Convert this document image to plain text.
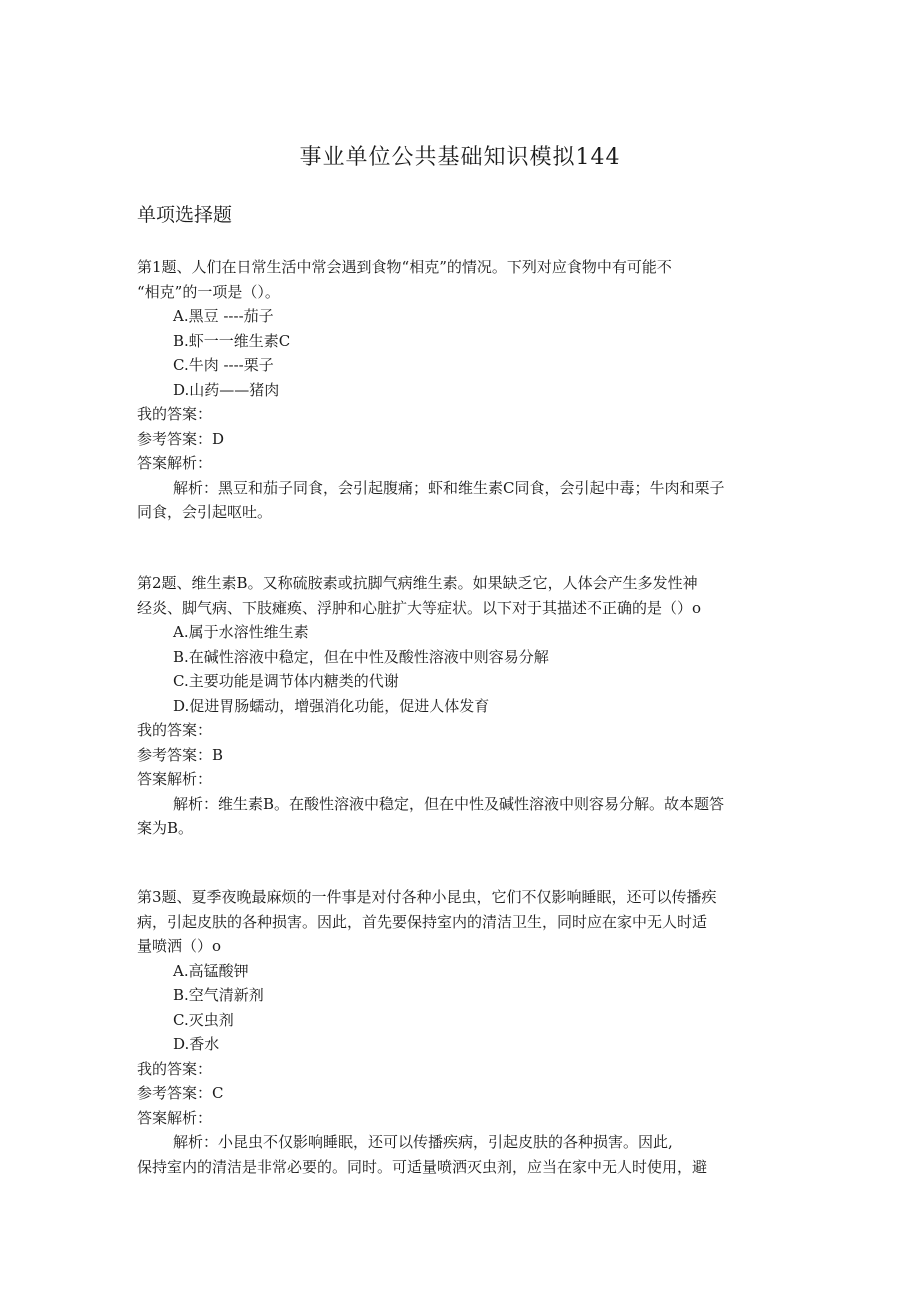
事业单位公共基础知识模拟144
单项选择题

第1题、人们在日常生活中常会遇到食物“相克”的情况。下列对应食物中有可能不
“相克”的一项是（）。

A.黑豆 ----茄子

B.虾一一维生素C

C.牛肉 ----栗子

D.山药——猪肉

我的答案：

参考答案：D

答案解析：

解析：黑豆和茄子同食，会引起腹痛；虾和维生素C同食，会引起中毒；牛肉和栗子
同食，会引起呕吐。

第2题、维生素B。又称硫胺素或抗脚气病维生素。如果缺乏它，人体会产生多发性神
经炎、脚气病、下肢瘫痪、浮肿和心脏扩大等症状。以下对于其描述不正确的是（）o

A.属于水溶性维生素

B.在碱性溶液中稳定，但在中性及酸性溶液中则容易分解

C.主要功能是调节体内糖类的代谢

D.促进胃肠蠕动，增强消化功能，促进人体发育

我的答案：

参考答案：B

答案解析：

解析：维生素B。在酸性溶液中稳定，但在中性及碱性溶液中则容易分解。故本题答
案为B。

第3题、夏季夜晚最麻烦的一件事是对付各种小昆虫，它们不仅影响睡眠，还可以传播疾
病，引起皮肤的各种损害。因此，首先要保持室内的清洁卫生，同时应在家中无人时适
量喷洒（）o

A.高锰酸钾

B.空气清新剂

C.灭虫剂

D.香水

我的答案：

参考答案：C

答案解析：

解析：小昆虫不仅影响睡眠，还可以传播疾病，引起皮肤的各种损害。因此,
保持室内的清洁是非常必要的。同时。可适量喷洒灭虫剂，应当在家中无人时使用，避
